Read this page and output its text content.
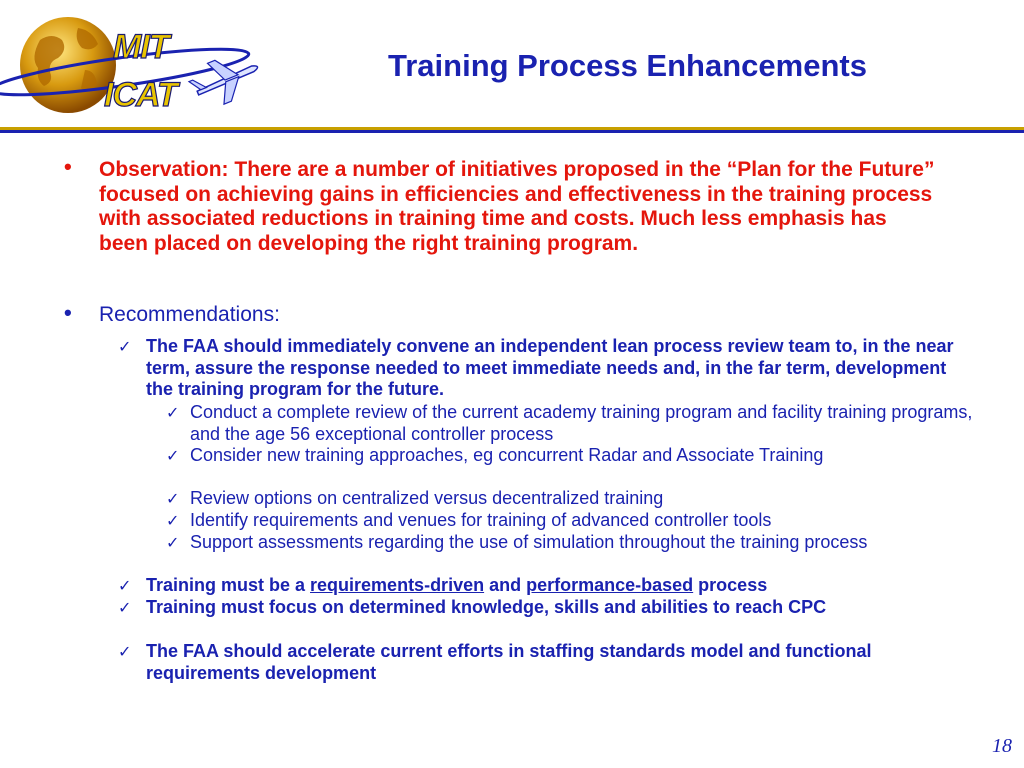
MIT
ICAT
Training Process Enhancements
• Observation: There are a number of initiatives proposed in the “Plan for the Future” focused on achieving gains in efficiencies and effectiveness in the training process with associated reductions in training time and costs. Much less emphasis has been placed on developing the right training program.
• Recommendations:
✓ The FAA should immediately convene an independent lean process review team to, in the near term, assure the response needed to meet immediate needs and, in the far term, development the training program for the future.
✓ Conduct a complete review of the current academy training program and facility training programs, and the age 56 exceptional controller process
✓ Consider new training approaches, eg concurrent Radar and Associate Training
✓ Review options on centralized versus decentralized training
✓ Identify requirements and venues for training of advanced controller tools
✓ Support assessments regarding the use of simulation throughout the training process
✓ Training must be a requirements-driven and performance-based process
✓ Training must focus on determined knowledge, skills and abilities to reach CPC
✓ The FAA should accelerate current efforts in staffing standards model and functional requirements development
18
